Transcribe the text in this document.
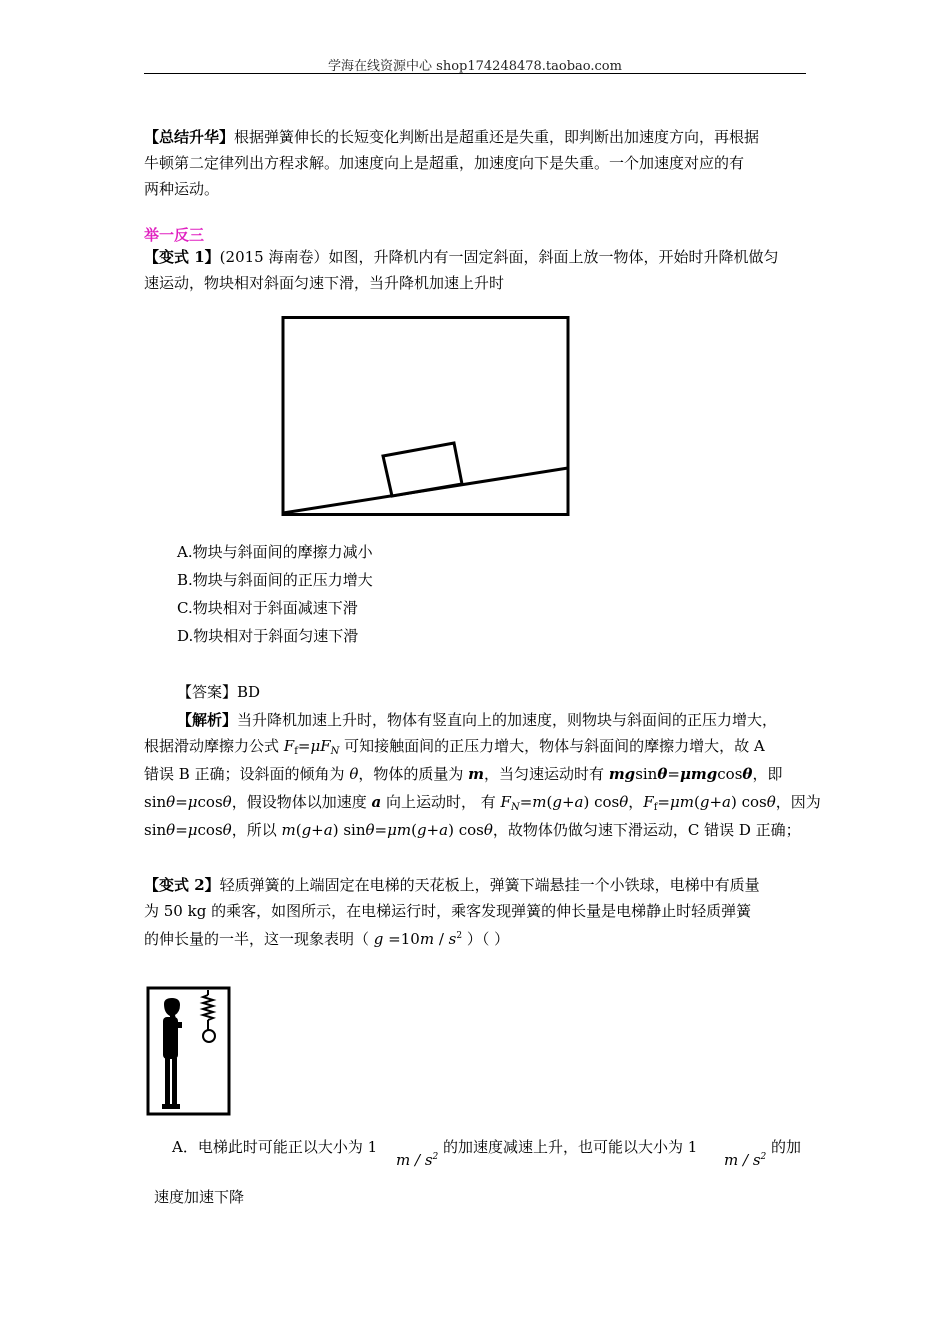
学海在线资源中心 shop174248478.taobao.com
【总结升华】根据弹簧伸长的长短变化判断出是超重还是失重，即判断出加速度方向，再根据
牛顿第二定律列出方程求解。加速度向上是超重，加速度向下是失重。一个加速度对应的有
两种运动。
举一反三
【变式 1】(2015 海南卷）如图，升降机内有一固定斜面，斜面上放一物体，开始时升降机做匀
速运动，物块相对斜面匀速下滑，当升降机加速上升时
A.物块与斜面间的摩擦力减小
B.物块与斜面间的正压力增大
C.物块相对于斜面减速下滑
D.物块相对于斜面匀速下滑
【答案】BD
【解析】当升降机加速上升时，物体有竖直向上的加速度，则物块与斜面间的正压力增大，
根据滑动摩擦力公式 $F_f=\mu F_N$ 可知接触面间的正压力增大，物体与斜面间的摩擦力增大，故 A
错误 B 正确；设斜面的倾角为 θ，物体的质量为 m，当匀速运动时有 mgsinθ=μmgcosθ，即
sinθ=μcosθ，假设物体以加速度 a 向上运动时， 有 $F_N=m(g+a)$ cosθ，$F_f=\mu m(g+a)$ cosθ，因为
sinθ=μcosθ，所以 m(g+a) sinθ=μm(g+a) cosθ，故物体仍做匀速下滑运动，C 错误 D 正确；
【变式 2】轻质弹簧的上端固定在电梯的天花板上，弹簧下端悬挂一个小铁球，电梯中有质量
为 50 kg 的乘客，如图所示，在电梯运行时，乘客发现弹簧的伸长量是电梯静止时轻质弹簧
的伸长量的一半，这一现象表明（ $g =10m / s^2$ ）（ ）
A．电梯此时可能正以大小为 1
m / $s^2$
的加速度减速上升，也可能以大小为 1
m / $s^2$
的加
速度加速下降
